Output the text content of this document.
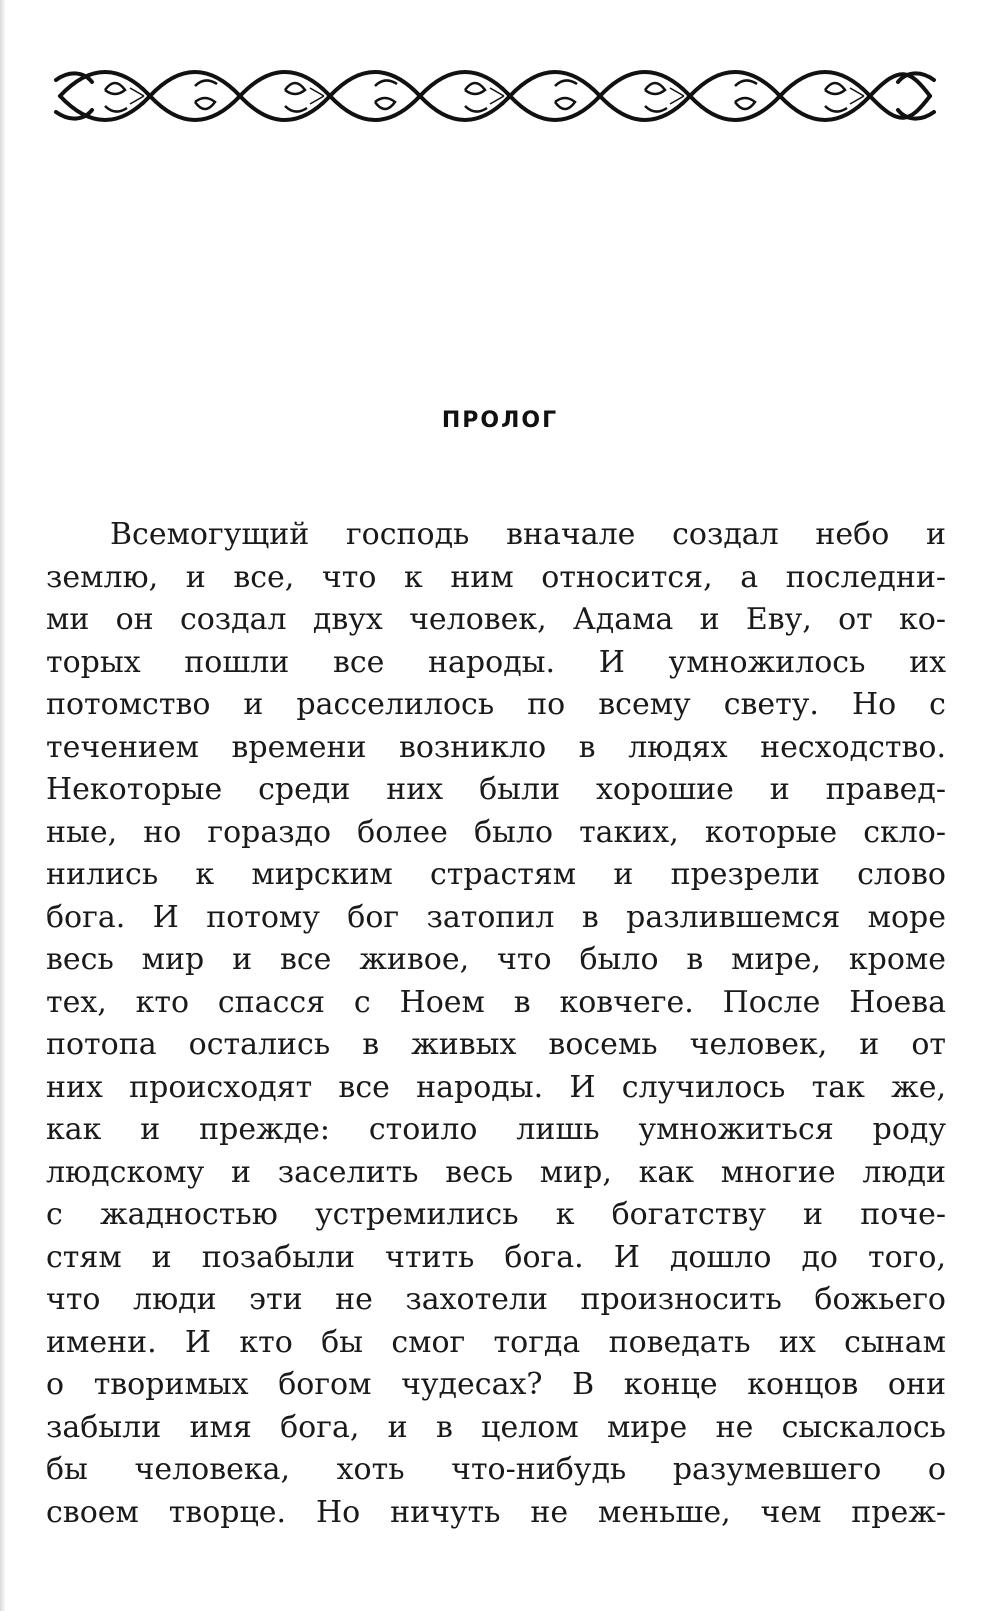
ПРОЛОГ
Всемогущий господь вначале создал небо и
землю, и все, что к ним относится, а последни-
ми он создал двух человек, Адама и Еву, от ко-
торых пошли все народы. И умножилось их
потомство и расселилось по всему свету. Но с
течением времени возникло в людях несходство.
Некоторые среди них были хорошие и правед-
ные, но гораздо более было таких, которые скло-
нились к мирским страстям и презрели слово
бога. И потому бог затопил в разлившемся море
весь мир и все живое, что было в мире, кроме
тех, кто спасся с Ноем в ковчеге. После Ноева
потопа остались в живых восемь человек, и от
них происходят все народы. И случилось так же,
как и прежде: стоило лишь умножиться роду
людскому и заселить весь мир, как многие люди
с жадностью устремились к богатству и поче-
стям и позабыли чтить бога. И дошло до того,
что люди эти не захотели произносить божьего
имени. И кто бы смог тогда поведать их сынам
о творимых богом чудесах? В конце концов они
забыли имя бога, и в целом мире не сыскалось
бы человека, хоть что-нибудь разумевшего о
своем творце. Но ничуть не меньше, чем преж-
